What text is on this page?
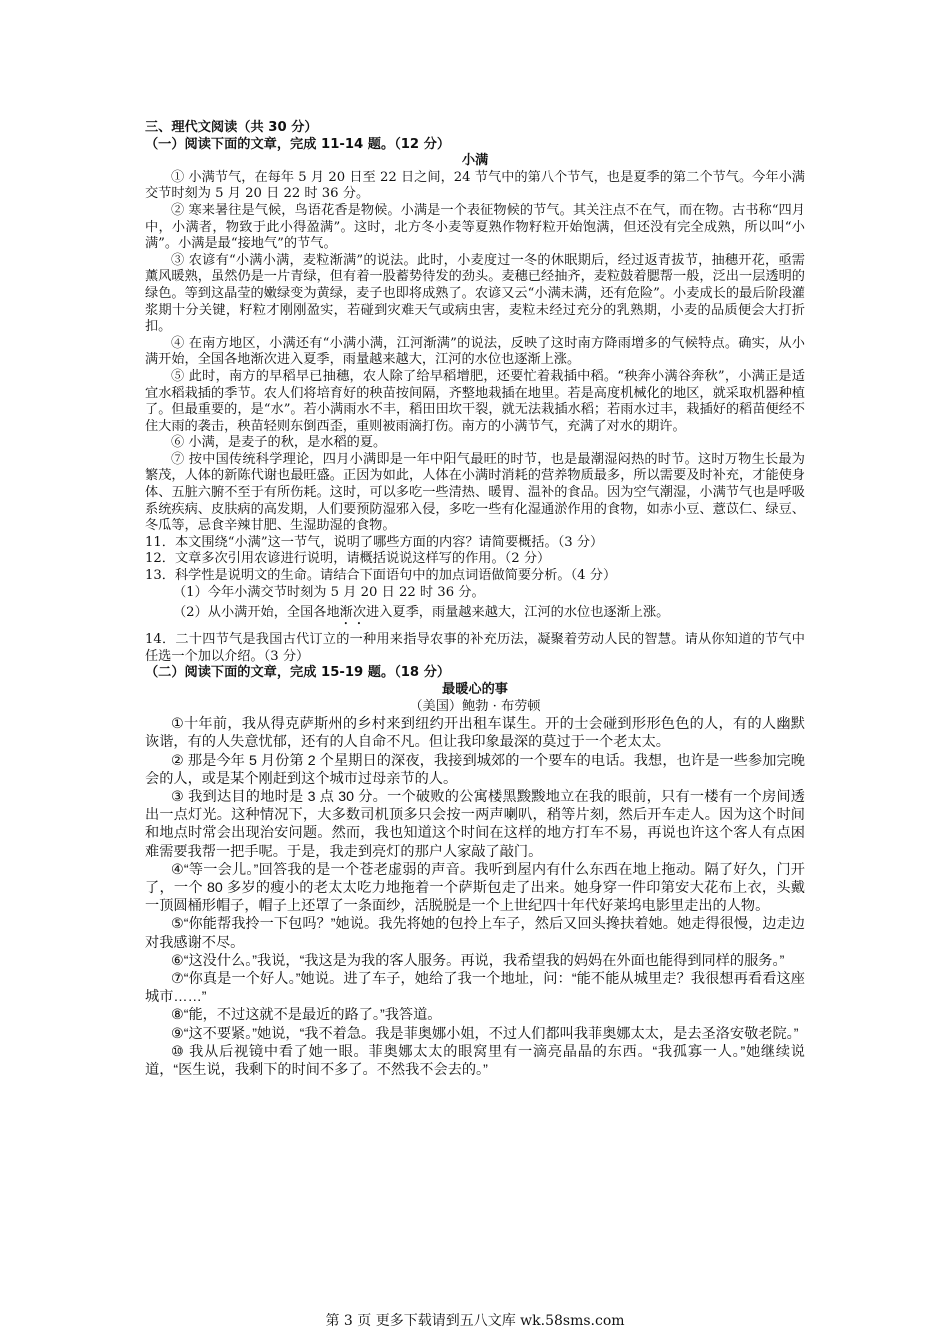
三、理代文阅读（共 30 分）

（一）阅读下面的文章，完成 11-14 题。（12 分）

小满

① 小满节气，在每年 5 月 20 日至 22 日之间，24 节气中的第八个节气，也是夏季的第二个节气。今年小满交节时刻为 5 月 20 日 22 时 36 分。

② 寒来暑往是气候，鸟语花香是物候。小满是一个表征物候的节气。其关注点不在气，而在物。古书称“四月中，小满者，物致于此小得盈满”。这时，北方冬小麦等夏熟作物籽粒开始饱满，但还没有完全成熟，所以叫“小满”。小满是最“接地气”的节气。

③ 农谚有“小满小满，麦粒渐满”的说法。此时，小麦度过一冬的休眠期后，经过返青拔节，抽穗开花，亟需薰风暖熟，虽然仍是一片青绿，但有着一股蓄势待发的劲头。麦穗已经抽齐，麦粒鼓着腮帮一般，泛出一层透明的绿色。等到这晶莹的嫩绿变为黄绿，麦子也即将成熟了。农谚又云“小满未满，还有危险”。小麦成长的最后阶段灌浆期十分关键，籽粒才刚刚盈实，若碰到灾难天气或病虫害，麦粒未经过充分的乳熟期，小麦的品质便会大打折扣。

④ 在南方地区，小满还有“小满小满，江河渐满”的说法，反映了这时南方降雨增多的气候特点。确实，从小满开始，全国各地渐次进入夏季，雨量越来越大，江河的水位也逐渐上涨。

⑤ 此时，南方的早稻早已抽穗，农人除了给早稻增肥，还要忙着栽插中稻。“秧奔小满谷奔秋”，小满正是适宜水稻栽插的季节。农人们将培育好的秧苗按间隔，齐整地栽插在地里。若是高度机械化的地区，就采取机器种植了。但最重要的，是“水”。若小满雨水不丰，稻田田坎干裂，就无法栽插水稻；若雨水过丰，栽插好的稻苗便经不住大雨的袭击，秧苗轻则东倒西歪，重则被雨滴打伤。南方的小满节气，充满了对水的期许。

⑥ 小满，是麦子的秋，是水稻的夏。

⑦ 按中国传统科学理论，四月小满即是一年中阳气最旺的时节，也是最潮湿闷热的时节。这时万物生长最为繁茂，人体的新陈代谢也最旺盛。正因为如此，人体在小满时消耗的营养物质最多，所以需要及时补充，才能使身体、五脏六腑不至于有所伤耗。这时，可以多吃一些清热、暖胃、温补的食品。因为空气潮湿，小满节气也是呼吸系统疾病、皮肤病的高发期，人们要预防湿邪入侵，多吃一些有化湿通淤作用的食物，如赤小豆、薏苡仁、绿豆、冬瓜等，忌食辛辣甘肥、生湿助湿的食物。

11．本文围绕“小满”这一节气，说明了哪些方面的内容？请简要概括。（3 分）

12．文章多次引用农谚进行说明，请概括说说这样写的作用。（2 分）

13．科学性是说明文的生命。请结合下面语句中的加点词语做简要分析。（4 分）

（1）今年小满交节时刻为 5 月 20 日 22 时 36 分。

（2）从小满开始，全国各地渐次进入夏季，雨量越来越大，江河的水位也逐渐上涨。

14．二十四节气是我国古代订立的一种用来指导农事的补充历法，凝聚着劳动人民的智慧。请从你知道的节气中任选一个加以介绍。（3 分）

（二）阅读下面的文章，完成 15-19 题。（18 分）

最暖心的事

（美国）鲍勃 · 布劳顿

①十年前，我从得克萨斯州的乡村来到纽约开出租车谋生。开的士会碰到形形色色的人，有的人幽默诙谐，有的人失意忧郁，还有的人自命不凡。但让我印象最深的莫过于一个老太太。

② 那是今年 5 月份第 2 个星期日的深夜，我接到城郊的一个要车的电话。我想，也许是一些参加完晚会的人，或是某个刚赶到这个城市过母亲节的人。

③ 我到达目的地时是 3 点 30 分。一个破败的公寓楼黑黢黢地立在我的眼前，只有一楼有一个房间透出一点灯光。这种情况下，大多数司机顶多只会按一两声喇叭，稍等片刻，然后开车走人。因为这个时间和地点时常会出现治安问题。然而，我也知道这个时间在这样的地方打车不易，再说也许这个客人有点困难需要我帮一把手呢。于是，我走到亮灯的那户人家敲了敲门。

④“等一会儿。”回答我的是一个苍老虚弱的声音。我听到屋内有什么东西在地上拖动。隔了好久，门开了，一个 80 多岁的瘦小的老太太吃力地拖着一个萨斯包走了出来。她身穿一件印第安大花布上衣，头戴一顶圆桶形帽子，帽子上还罩了一条面纱，活脱脱是一个上世纪四十年代好莱坞电影里走出的人物。

⑤“你能帮我拎一下包吗？”她说。我先将她的包拎上车子，然后又回头搀扶着她。她走得很慢，边走边对我感谢不尽。

⑥“这没什么。”我说，“我这是为我的客人服务。再说，我希望我的妈妈在外面也能得到同样的服务。”

⑦“你真是一个好人。”她说。进了车子，她给了我一个地址，问：“能不能从城里走？我很想再看看这座城市……”

⑧“能，不过这就不是最近的路了。”我答道。

⑨“这不要紧。”她说，“我不着急。我是菲奥娜小姐，不过人们都叫我菲奥娜太太，是去圣洛安敬老院。”

⑩ 我从后视镜中看了她一眼。菲奥娜太太的眼窝里有一滴亮晶晶的东西。“我孤寡一人。”她继续说道，“医生说，我剩下的时间不多了。不然我不会去的。”

第 3 页 更多下载请到五八文库 wk.58sms.com
